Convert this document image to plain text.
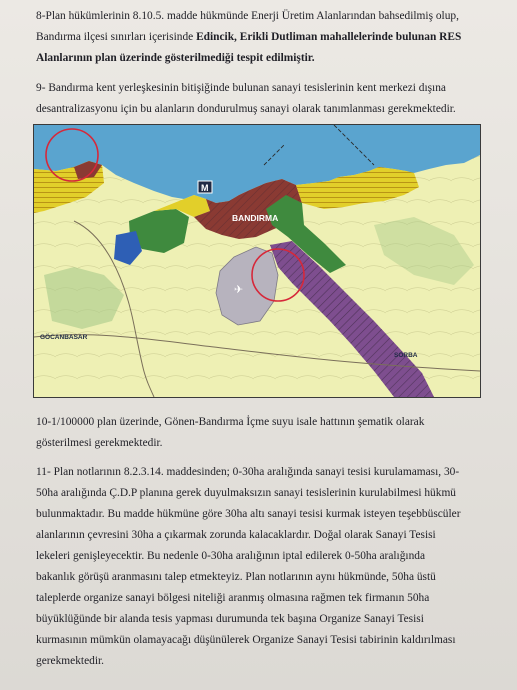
8-Plan hükümlerinin 8.10.5. madde hükmünde Enerji Üretim Alanlarından bahsedilmiş olup,

Bandırma ilçesi sınırları içerisinde Edincik, Erikli Dutliman mahallelerinde bulunan RES

Alanlarının plan üzerinde gösterilmediği tespit edilmiştir.

9- Bandırma kent yerleşkesinin bitişiğinde bulunan sanayi tesislerinin kent merkezi dışına

desantralizasyonu için bu alanların dondurulmuş sanayi olarak tanımlanması gerekmektedir.

✈
M
BANDIRMA
GÖCANBASAR
SORBA

10-1/100000 plan üzerinde, Gönen-Bandırma İçme suyu isale hattının şematik olarak

gösterilmesi gerekmektedir.

11- Plan notlarının 8.2.3.14. maddesinden; 0-30ha aralığında sanayi tesisi kurulamaması, 30-

50ha aralığında Ç.D.P planına gerek duyulmaksızın sanayi tesislerinin kurulabilmesi hükmü

bulunmaktadır. Bu madde hükmüne göre 30ha altı sanayi tesisi kurmak isteyen teşebbüscüler

alanlarının çevresini 30ha a çıkarmak zorunda kalacaklardır. Doğal olarak Sanayi Tesisi

lekeleri genişleyecektir. Bu nedenle 0-30ha aralığının iptal edilerek 0-50ha aralığında

bakanlık görüşü aranmasını talep etmekteyiz. Plan notlarının aynı hükmünde, 50ha üstü

taleplerde organize sanayi bölgesi niteliği aranmış olmasına rağmen tek firmanın 50ha

büyüklüğünde bir alanda tesis yapması durumunda tek başına Organize Sanayi Tesisi

kurmasının mümkün olamayacağı düşünülerek Organize Sanayi Tesisi tabirinin kaldırılması

gerekmektedir.
